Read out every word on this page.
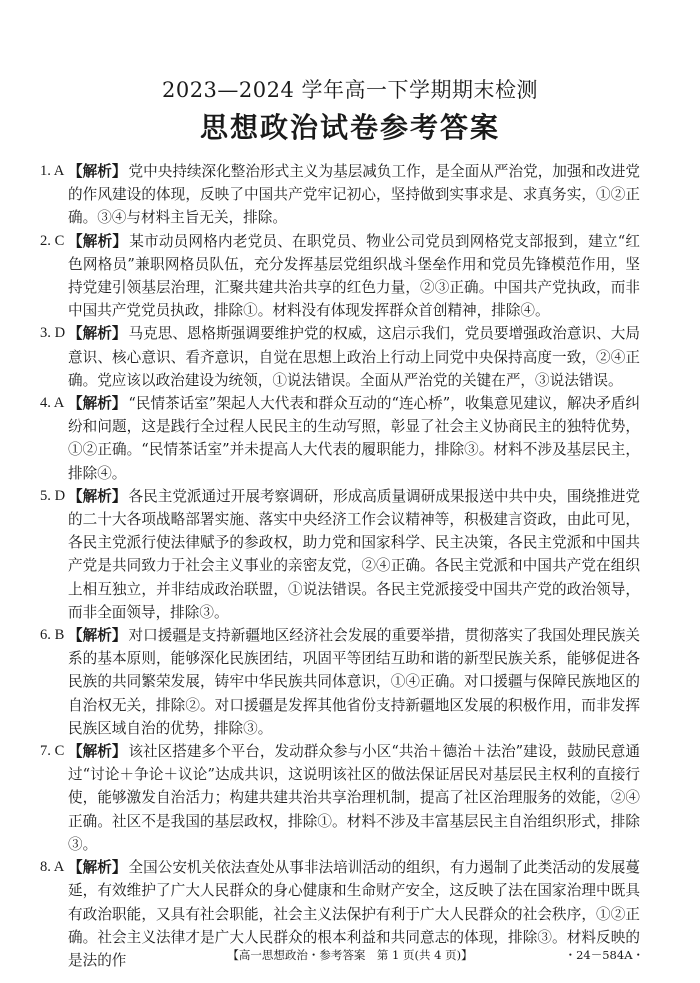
2023—2024 学年高一下学期期末检测
思想政治试卷参考答案
1. A 【解析】 党中央持续深化整治形式主义为基层减负工作，是全面从严治党，加强和改进党的作风建设的体现，反映了中国共产党牢记初心，坚持做到实事求是、求真务实，①②正确。③④与材料主旨无关，排除。
2. C 【解析】 某市动员网格内老党员、在职党员、物业公司党员到网格党支部报到，建立“红色网格员”兼职网格员队伍，充分发挥基层党组织战斗堡垒作用和党员先锋模范作用，坚持党建引领基层治理，汇聚共建共治共享的红色力量，②③正确。中国共产党执政，而非中国共产党党员执政，排除①。材料没有体现发挥群众首创精神，排除④。
3. D 【解析】 马克思、恩格斯强调要维护党的权威，这启示我们，党员要增强政治意识、大局意识、核心意识、看齐意识，自觉在思想上政治上行动上同党中央保持高度一致，②④正确。党应该以政治建设为统领，①说法错误。全面从严治党的关键在严，③说法错误。
4. A 【解析】 “民情茶话室”架起人大代表和群众互动的“连心桥”，收集意见建议，解决矛盾纠纷和问题，这是践行全过程人民民主的生动写照，彰显了社会主义协商民主的独特优势，①②正确。“民情茶话室”并未提高人大代表的履职能力，排除③。材料不涉及基层民主，排除④。
5. D 【解析】 各民主党派通过开展考察调研，形成高质量调研成果报送中共中央，围绕推进党的二十大各项战略部署实施、落实中央经济工作会议精神等，积极建言资政，由此可见，各民主党派行使法律赋予的参政权，助力党和国家科学、民主决策，各民主党派和中国共产党是共同致力于社会主义事业的亲密友党，②④正确。各民主党派和中国共产党在组织上相互独立，并非结成政治联盟，①说法错误。各民主党派接受中国共产党的政治领导，而非全面领导，排除③。
6. B 【解析】 对口援疆是支持新疆地区经济社会发展的重要举措，贯彻落实了我国处理民族关系的基本原则，能够深化民族团结，巩固平等团结互助和谐的新型民族关系，能够促进各民族的共同繁荣发展，铸牢中华民族共同体意识，①④正确。对口援疆与保障民族地区的自治权无关，排除②。对口援疆是发挥其他省份支持新疆地区发展的积极作用，而非发挥民族区域自治的优势，排除③。
7. C 【解析】 该社区搭建多个平台，发动群众参与小区“共治＋德治＋法治”建设，鼓励民意通过“讨论＋争论＋议论”达成共识，这说明该社区的做法保证居民对基层民主权利的直接行使，能够激发自治活力；构建共建共治共享治理机制，提高了社区治理服务的效能，②④正确。社区不是我国的基层政权，排除①。材料不涉及丰富基层民主自治组织形式，排除③。
8. A 【解析】 全国公安机关依法查处从事非法培训活动的组织，有力遏制了此类活动的发展蔓延，有效维护了广大人民群众的身心健康和生命财产安全，这反映了法在国家治理中既具有政治职能，又具有社会职能，社会主义法保护有利于广大人民群众的社会秩序，①②正确。社会主义法律才是广大人民群众的根本利益和共同意志的体现，排除③。材料反映的是法的作	【高一思想政治・参考答案　第 1 页(共 4 页)】	・24－584A・
